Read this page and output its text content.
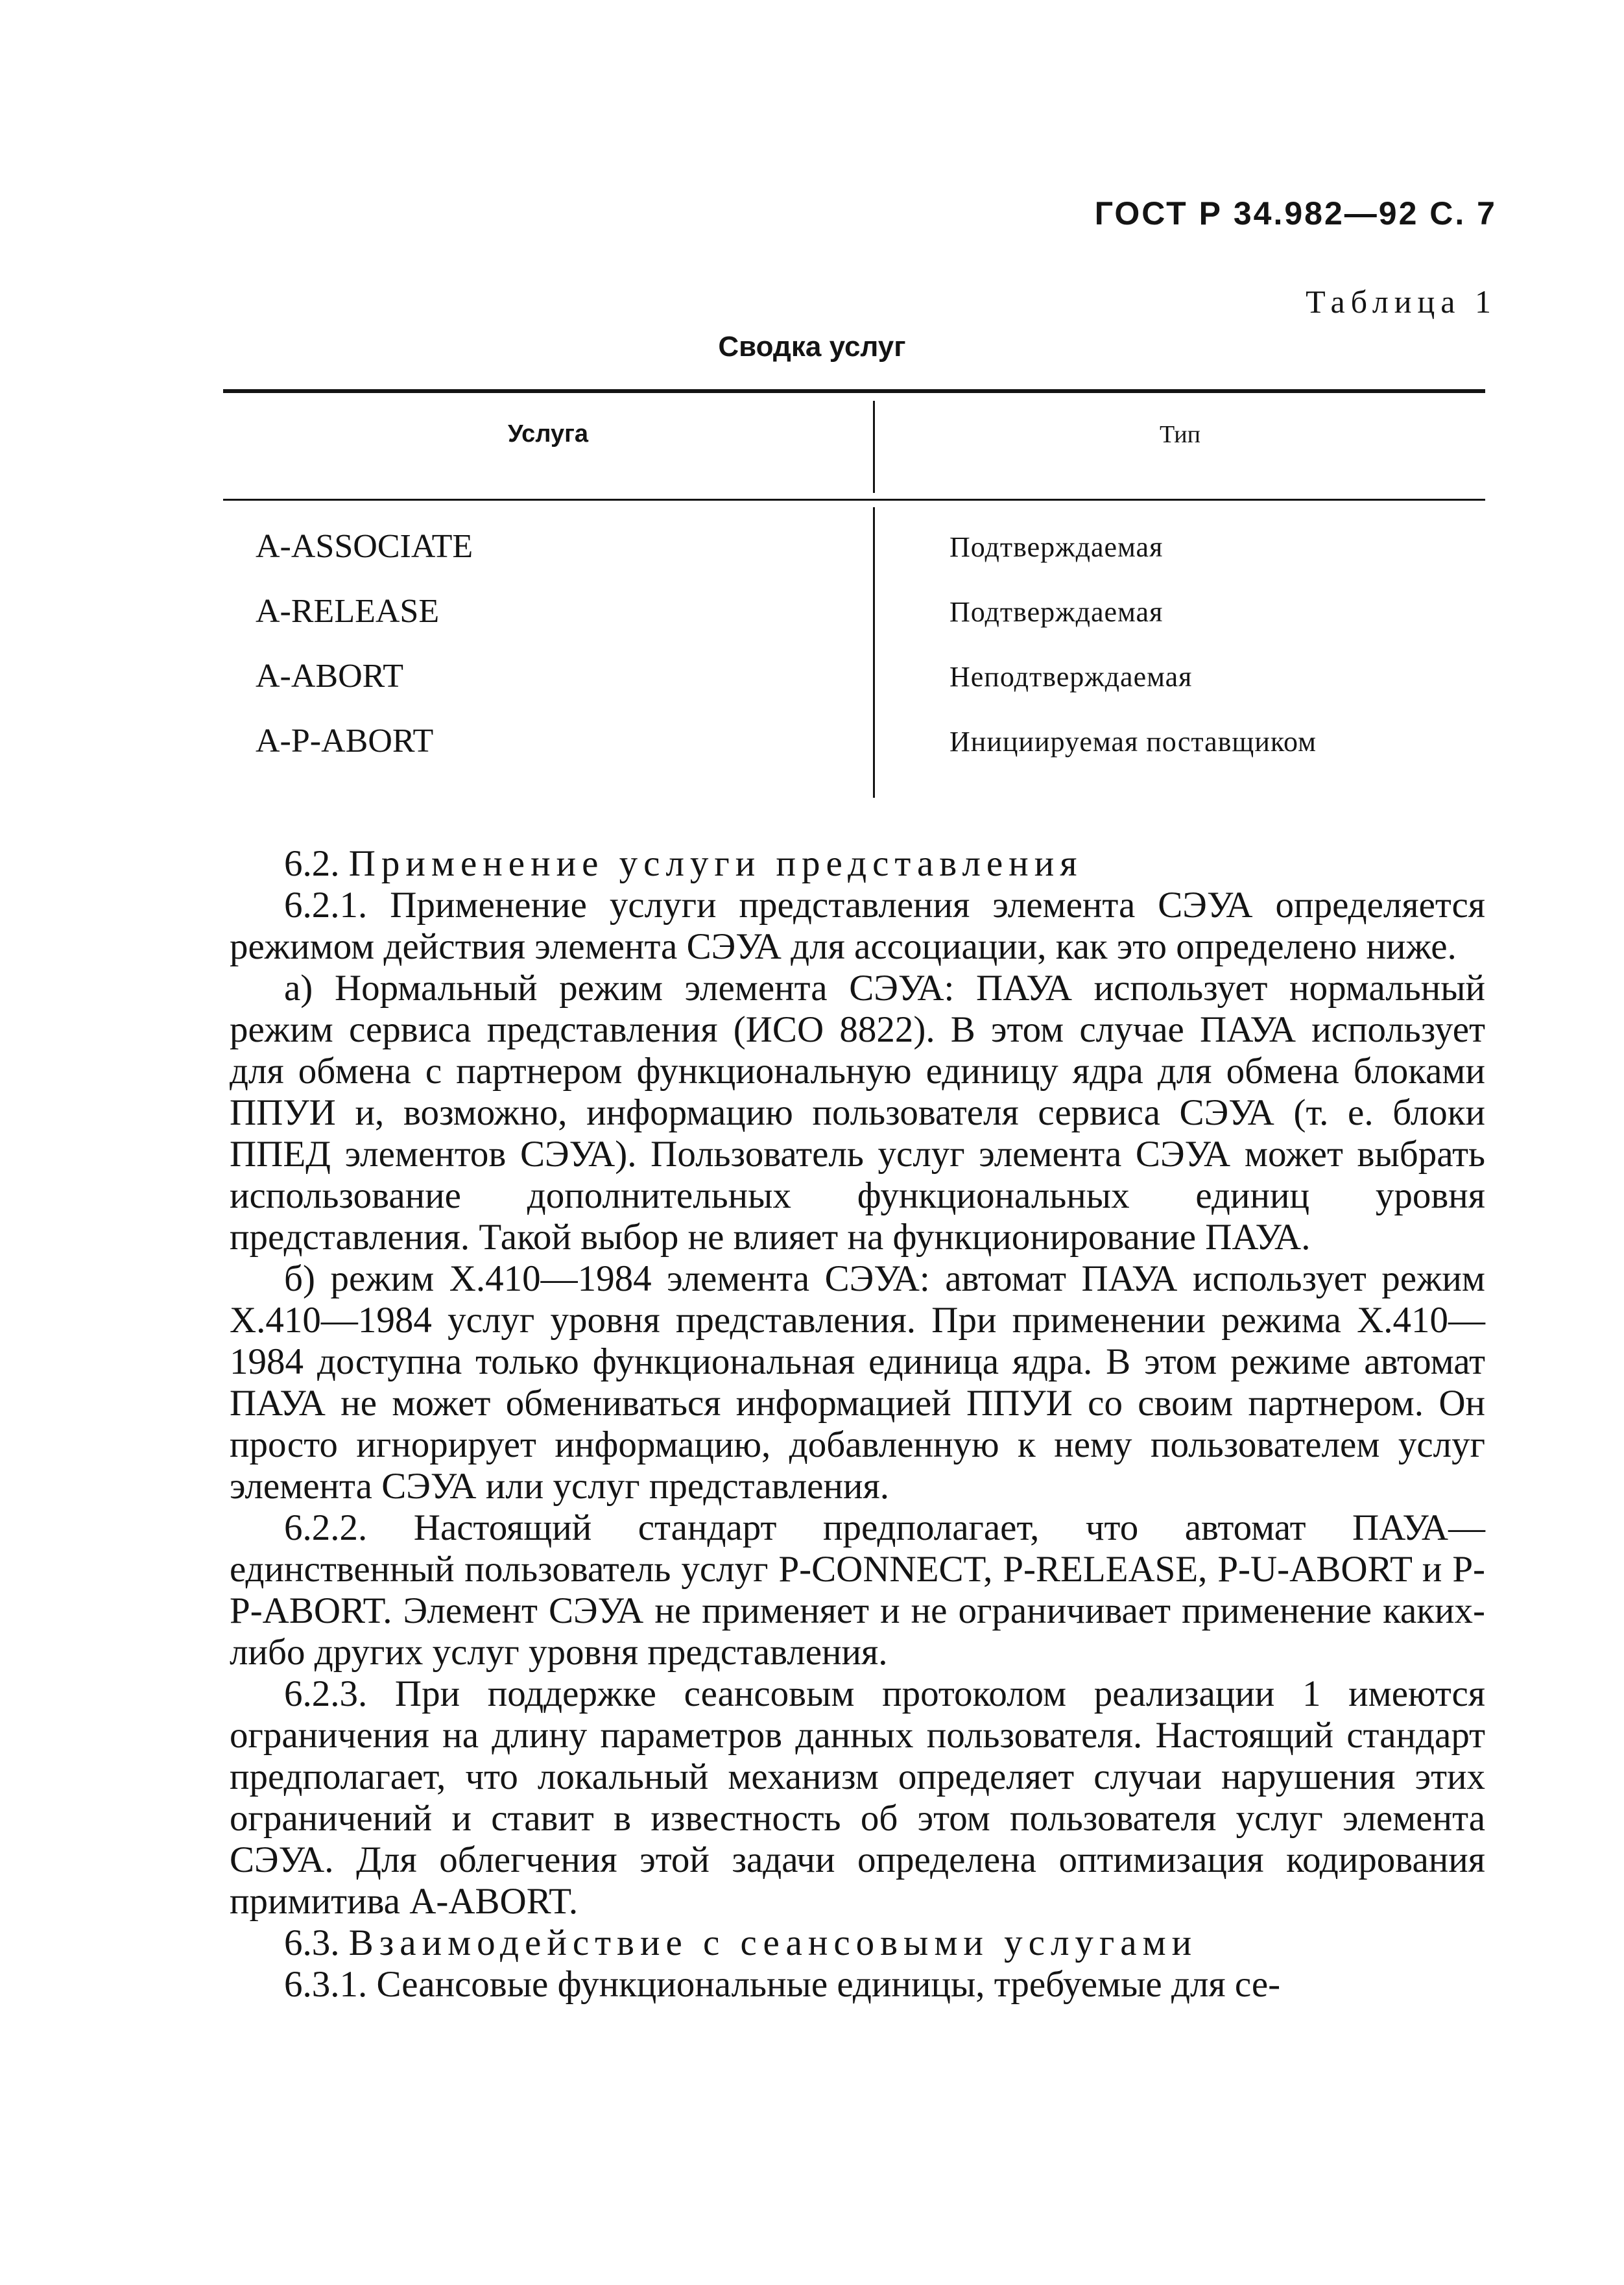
ГОСТ Р 34.982—92 С. 7
Таблица 1
Сводка услуг
Услуга	Тип
A-ASSOCIATE	Подтверждаемая
A-RELEASE	Подтверждаемая
A-ABORT	Неподтверждаемая
A-P-ABORT	Инициируемая поставщиком

6.2. Применение услуги представления

6.2.1. Применение услуги представления элемента СЭУА определяется режимом действия элемента СЭУА для ассоциации, как это определено ниже.

а) Нормальный режим элемента СЭУА: ПАУА использует нормальный режим сервиса представления (ИСО 8822). В этом случае ПАУА использует для обмена с партнером функциональную единицу ядра для обмена блоками ППУИ и, возможно, информацию пользователя сервиса СЭУА (т. е. блоки ППЕД элементов СЭУА). Пользователь услуг элемента СЭУА может выбрать использование дополнительных функциональных единиц уровня представления. Такой выбор не влияет на функционирование ПАУА.

б) режим X.410—1984 элемента СЭУА: автомат ПАУА использует режим X.410—1984 услуг уровня представления. При применении режима X.410—1984 доступна только функциональная единица ядра. В этом режиме автомат ПАУА не может обмениваться информацией ППУИ со своим партнером. Он просто игнорирует информацию, добавленную к нему пользователем услуг элемента СЭУА или услуг представления.

6.2.2. Настоящий стандарт предполагает, что автомат ПАУА— единственный пользователь услуг P-CONNECT, P-RELEASE, P-U-ABORT и P-P-ABORT. Элемент СЭУА не применяет и не ограничивает применение каких-либо других услуг уровня представления.

6.2.3. При поддержке сеансовым протоколом реализации 1 имеются ограничения на длину параметров данных пользователя. Настоящий стандарт предполагает, что локальный механизм определяет случаи нарушения этих ограничений и ставит в известность об этом пользователя услуг элемента СЭУА. Для облегчения этой задачи определена оптимизация кодирования примитива A-ABORT.

6.3. Взаимодействие с сеансовыми услугами

6.3.1. Сеансовые функциональные единицы, требуемые для се-
